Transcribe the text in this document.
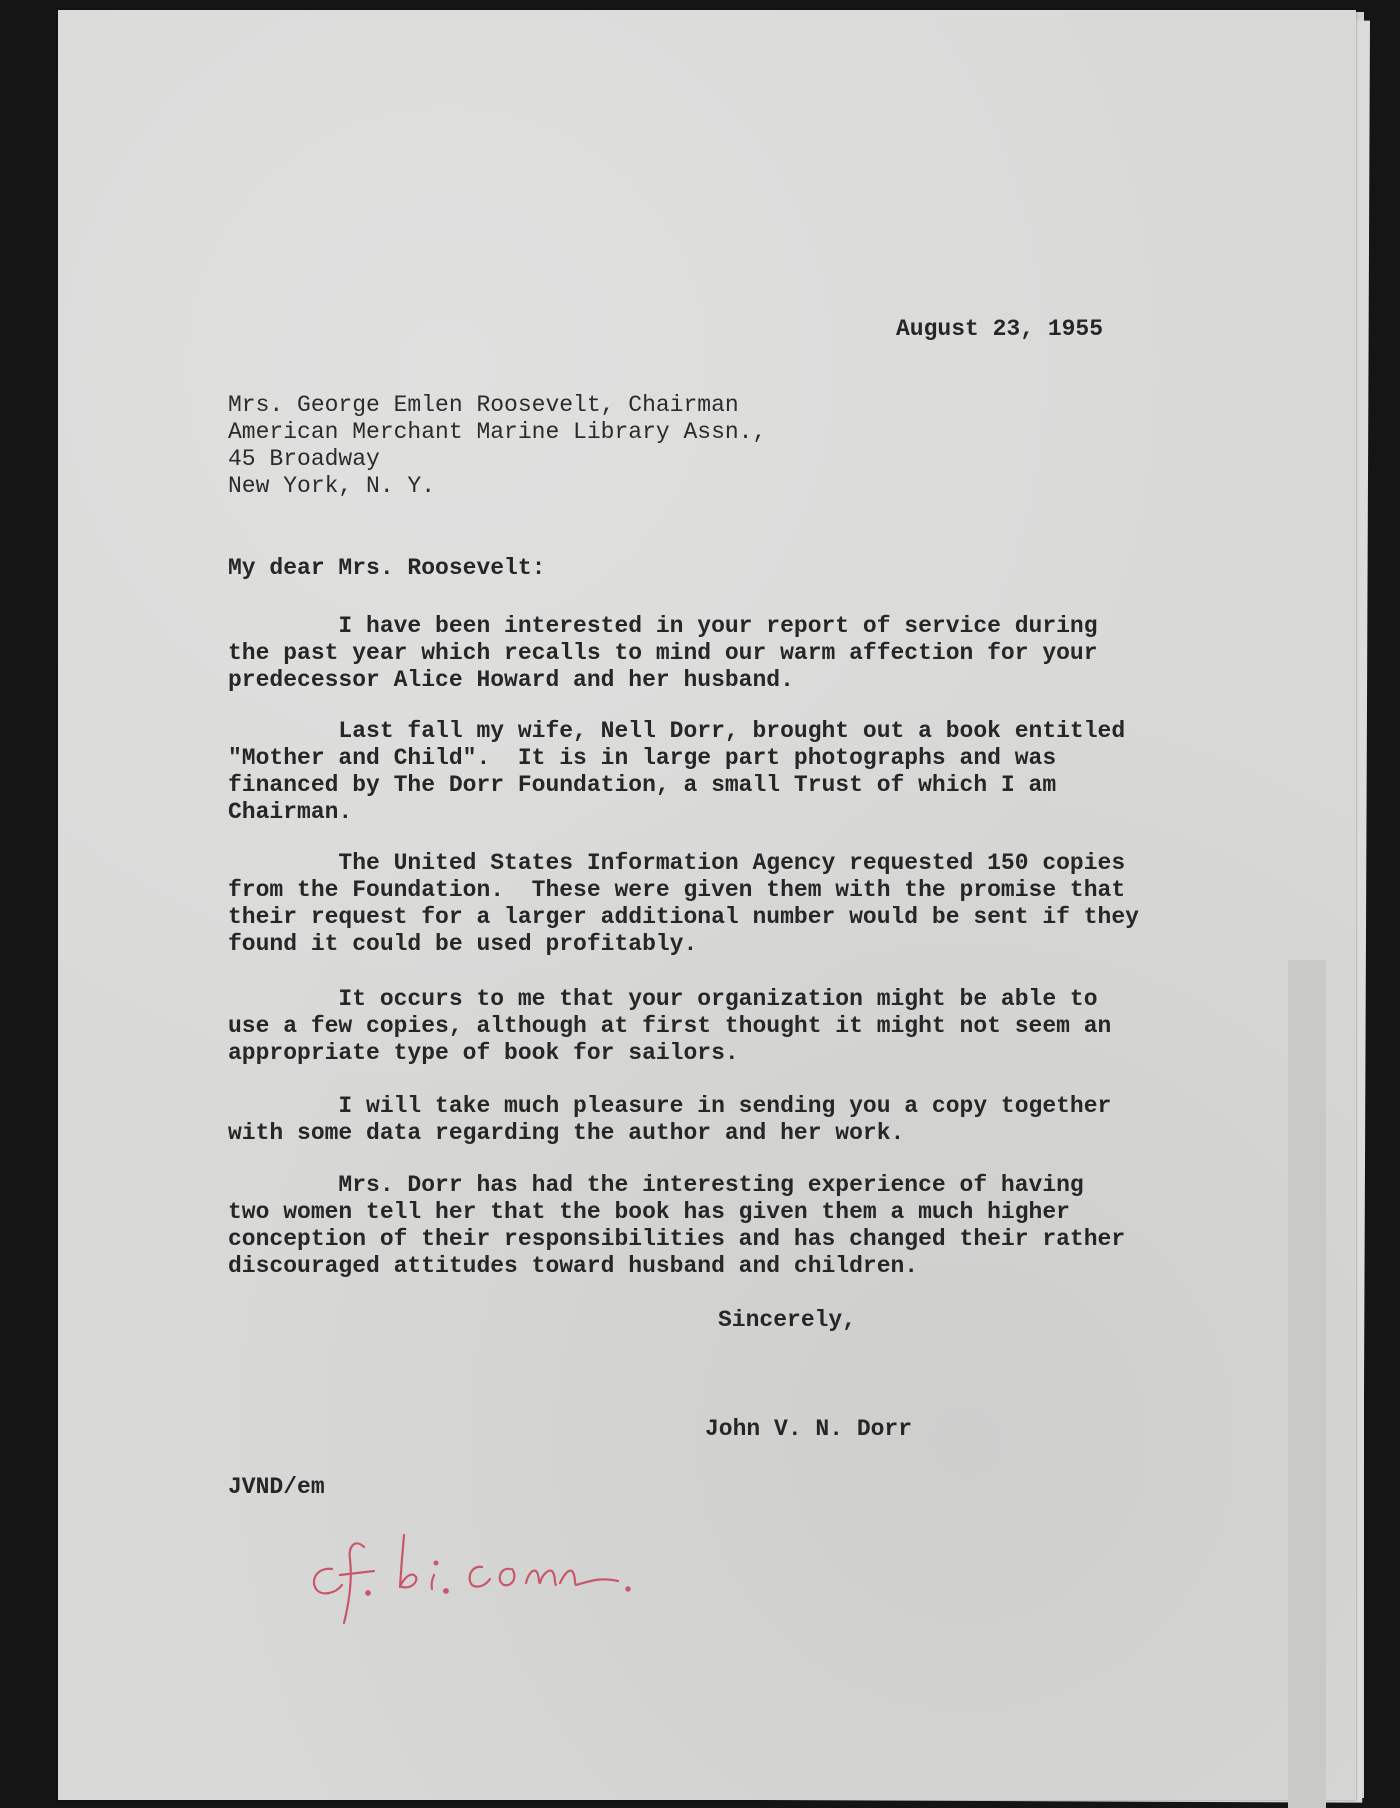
August 23, 1955
Mrs. George Emlen Roosevelt, Chairman
American Merchant Marine Library Assn.,
45 Broadway
New York, N. Y.
My dear Mrs. Roosevelt:
I have been interested in your report of service during
the past year which recalls to mind our warm affection for your
predecessor Alice Howard and her husband.
Last fall my wife, Nell Dorr, brought out a book entitled
"Mother and Child".  It is in large part photographs and was
financed by The Dorr Foundation, a small Trust of which I am
Chairman.
The United States Information Agency requested 150 copies
from the Foundation.  These were given them with the promise that
their request for a larger additional number would be sent if they
found it could be used profitably.
It occurs to me that your organization might be able to
use a few copies, although at first thought it might not seem an
appropriate type of book for sailors.
I will take much pleasure in sending you a copy together
with some data regarding the author and her work.
Mrs. Dorr has had the interesting experience of having
two women tell her that the book has given them a much higher
conception of their responsibilities and has changed their rather
discouraged attitudes toward husband and children.
Sincerely,
John V. N. Dorr
JVND/em
